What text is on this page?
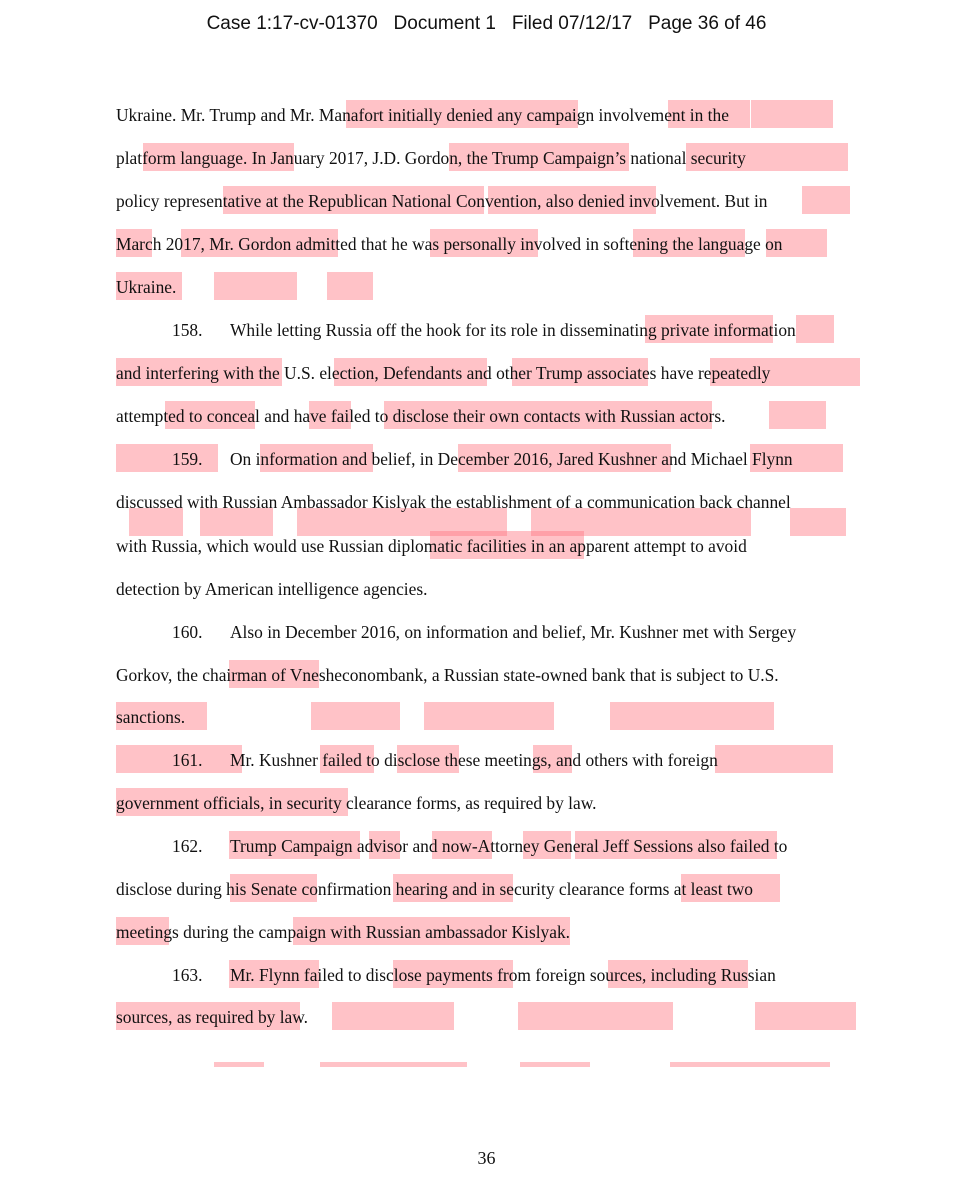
Case 1:17-cv-01370 Document 1 Filed 07/12/17 Page 36 of 46
Ukraine. Mr. Trump and Mr. Manafort initially denied any campaign involvement in the
platform language. In January 2017, J.D. Gordon, the Trump Campaign’s national security
policy representative at the Republican National Convention, also denied involvement. But in
March 2017, Mr. Gordon admitted that he was personally involved in softening the language on
Ukraine.
158. While letting Russia off the hook for its role in disseminating private information
and interfering with the U.S. election, Defendants and other Trump associates have repeatedly
attempted to conceal and have failed to disclose their own contacts with Russian actors.
159. On information and belief, in December 2016, Jared Kushner and Michael Flynn
discussed with Russian Ambassador Kislyak the establishment of a communication back channel
with Russia, which would use Russian diplomatic facilities in an apparent attempt to avoid
detection by American intelligence agencies.
160. Also in December 2016, on information and belief, Mr. Kushner met with Sergey
Gorkov, the chairman of Vnesheconombank, a Russian state-owned bank that is subject to U.S.
sanctions.
161. Mr. Kushner failed to disclose these meetings, and others with foreign
government officials, in security clearance forms, as required by law.
162. Trump Campaign advisor and now-Attorney General Jeff Sessions also failed to
disclose during his Senate confirmation hearing and in security clearance forms at least two
meetings during the campaign with Russian ambassador Kislyak.
163. Mr. Flynn failed to disclose payments from foreign sources, including Russian
sources, as required by law.
36
